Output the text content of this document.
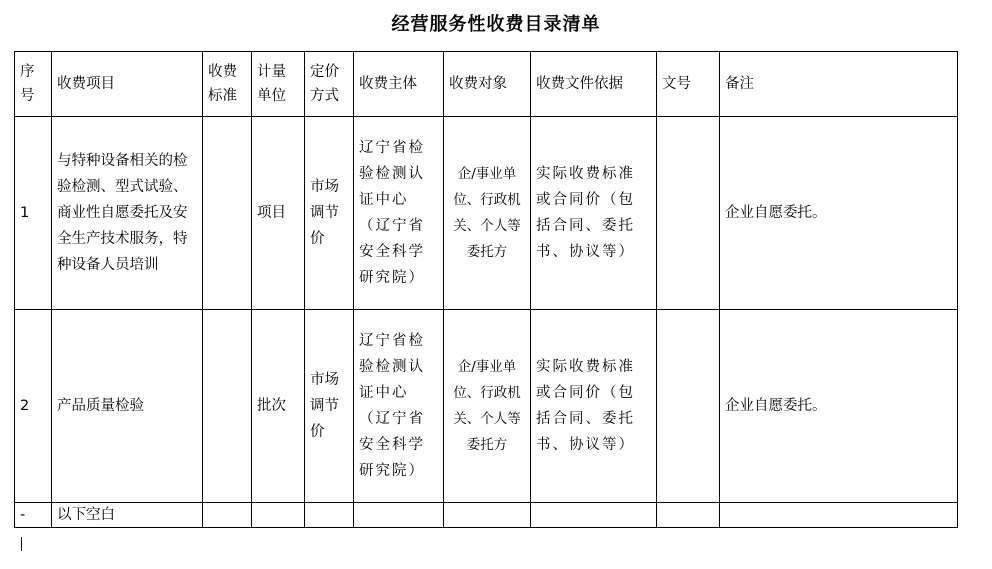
经营服务性收费目录清单
序号	收费项目	收费标准	计量单位	定价方式	收费主体	收费对象	收费文件依据	文号	备注
1	与特种设备相关的检验检测、型式试验、商业性自愿委托及安全生产技术服务，特种设备人员培训		项目	市场调节价	辽宁省检验检测认证中心（辽宁省安全科学研究院）	企/事业单位、行政机关、个人等委托方	实际收费标准或合同价（包括合同、委托书、协议等）		企业自愿委托。
2	产品质量检验		批次	市场调节价	辽宁省检验检测认证中心（辽宁省安全科学研究院）	企/事业单位、行政机关、个人等委托方	实际收费标准或合同价（包括合同、委托书、协议等）		企业自愿委托。
-	以下空白								
